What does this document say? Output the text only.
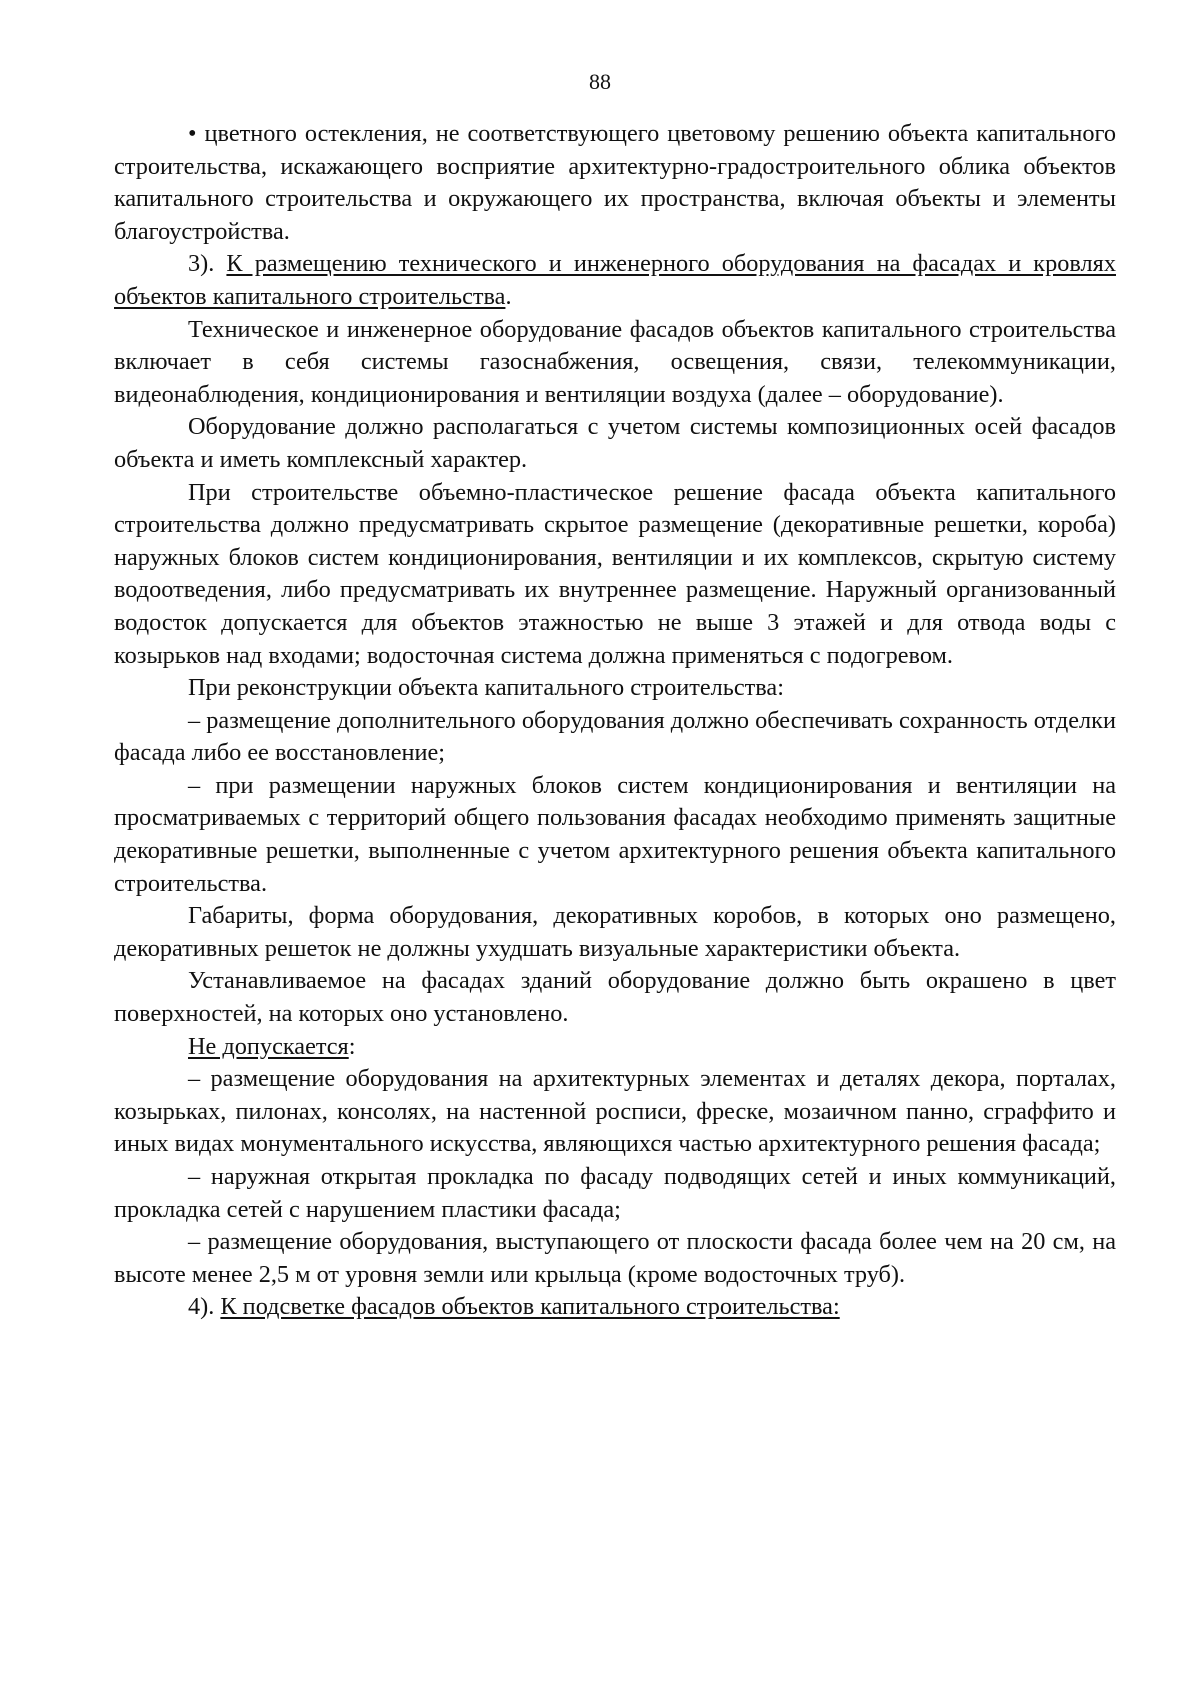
88

• цветного остекления, не соответствующего цветовому решению объекта капитального строительства, искажающего восприятие архитектурно-градостроительного облика объектов капитального строительства и окружающего их пространства, включая объекты и элементы благоустройства.

3). К размещению технического и инженерного оборудования на фасадах и кровлях объектов капитального строительства.

Техническое и инженерное оборудование фасадов объектов капитального строительства включает в себя системы газоснабжения, освещения, связи, телекоммуникации, видеонаблюдения, кондиционирования и вентиляции воздуха (далее – оборудование).

Оборудование должно располагаться с учетом системы композиционных осей фасадов объекта и иметь комплексный характер.

При строительстве объемно-пластическое решение фасада объекта капитального строительства должно предусматривать скрытое размещение (декоративные решетки, короба) наружных блоков систем кондиционирования, вентиляции и их комплексов, скрытую систему водоотведения, либо предусматривать их внутреннее размещение. Наружный организованный водосток допускается для объектов этажностью не выше 3 этажей и для отвода воды с козырьков над входами; водосточная система должна применяться с подогревом.

При реконструкции объекта капитального строительства:

– размещение дополнительного оборудования должно обеспечивать сохранность отделки фасада либо ее восстановление;

– при размещении наружных блоков систем кондиционирования и вентиляции на просматриваемых с территорий общего пользования фасадах необходимо применять защитные декоративные решетки, выполненные с учетом архитектурного решения объекта капитального строительства.

Габариты, форма оборудования, декоративных коробов, в которых оно размещено, декоративных решеток не должны ухудшать визуальные характеристики объекта.

Устанавливаемое на фасадах зданий оборудование должно быть окрашено в цвет поверхностей, на которых оно установлено.

Не допускается:

– размещение оборудования на архитектурных элементах и деталях декора, порталах, козырьках, пилонах, консолях, на настенной росписи, фреске, мозаичном панно, сграффито и иных видах монументального искусства, являющихся частью архитектурного решения фасада;

– наружная открытая прокладка по фасаду подводящих сетей и иных коммуникаций, прокладка сетей с нарушением пластики фасада;

– размещение оборудования, выступающего от плоскости фасада более чем на 20 см, на высоте менее 2,5 м от уровня земли или крыльца (кроме водосточных труб).

4). К подсветке фасадов объектов капитального строительства:
